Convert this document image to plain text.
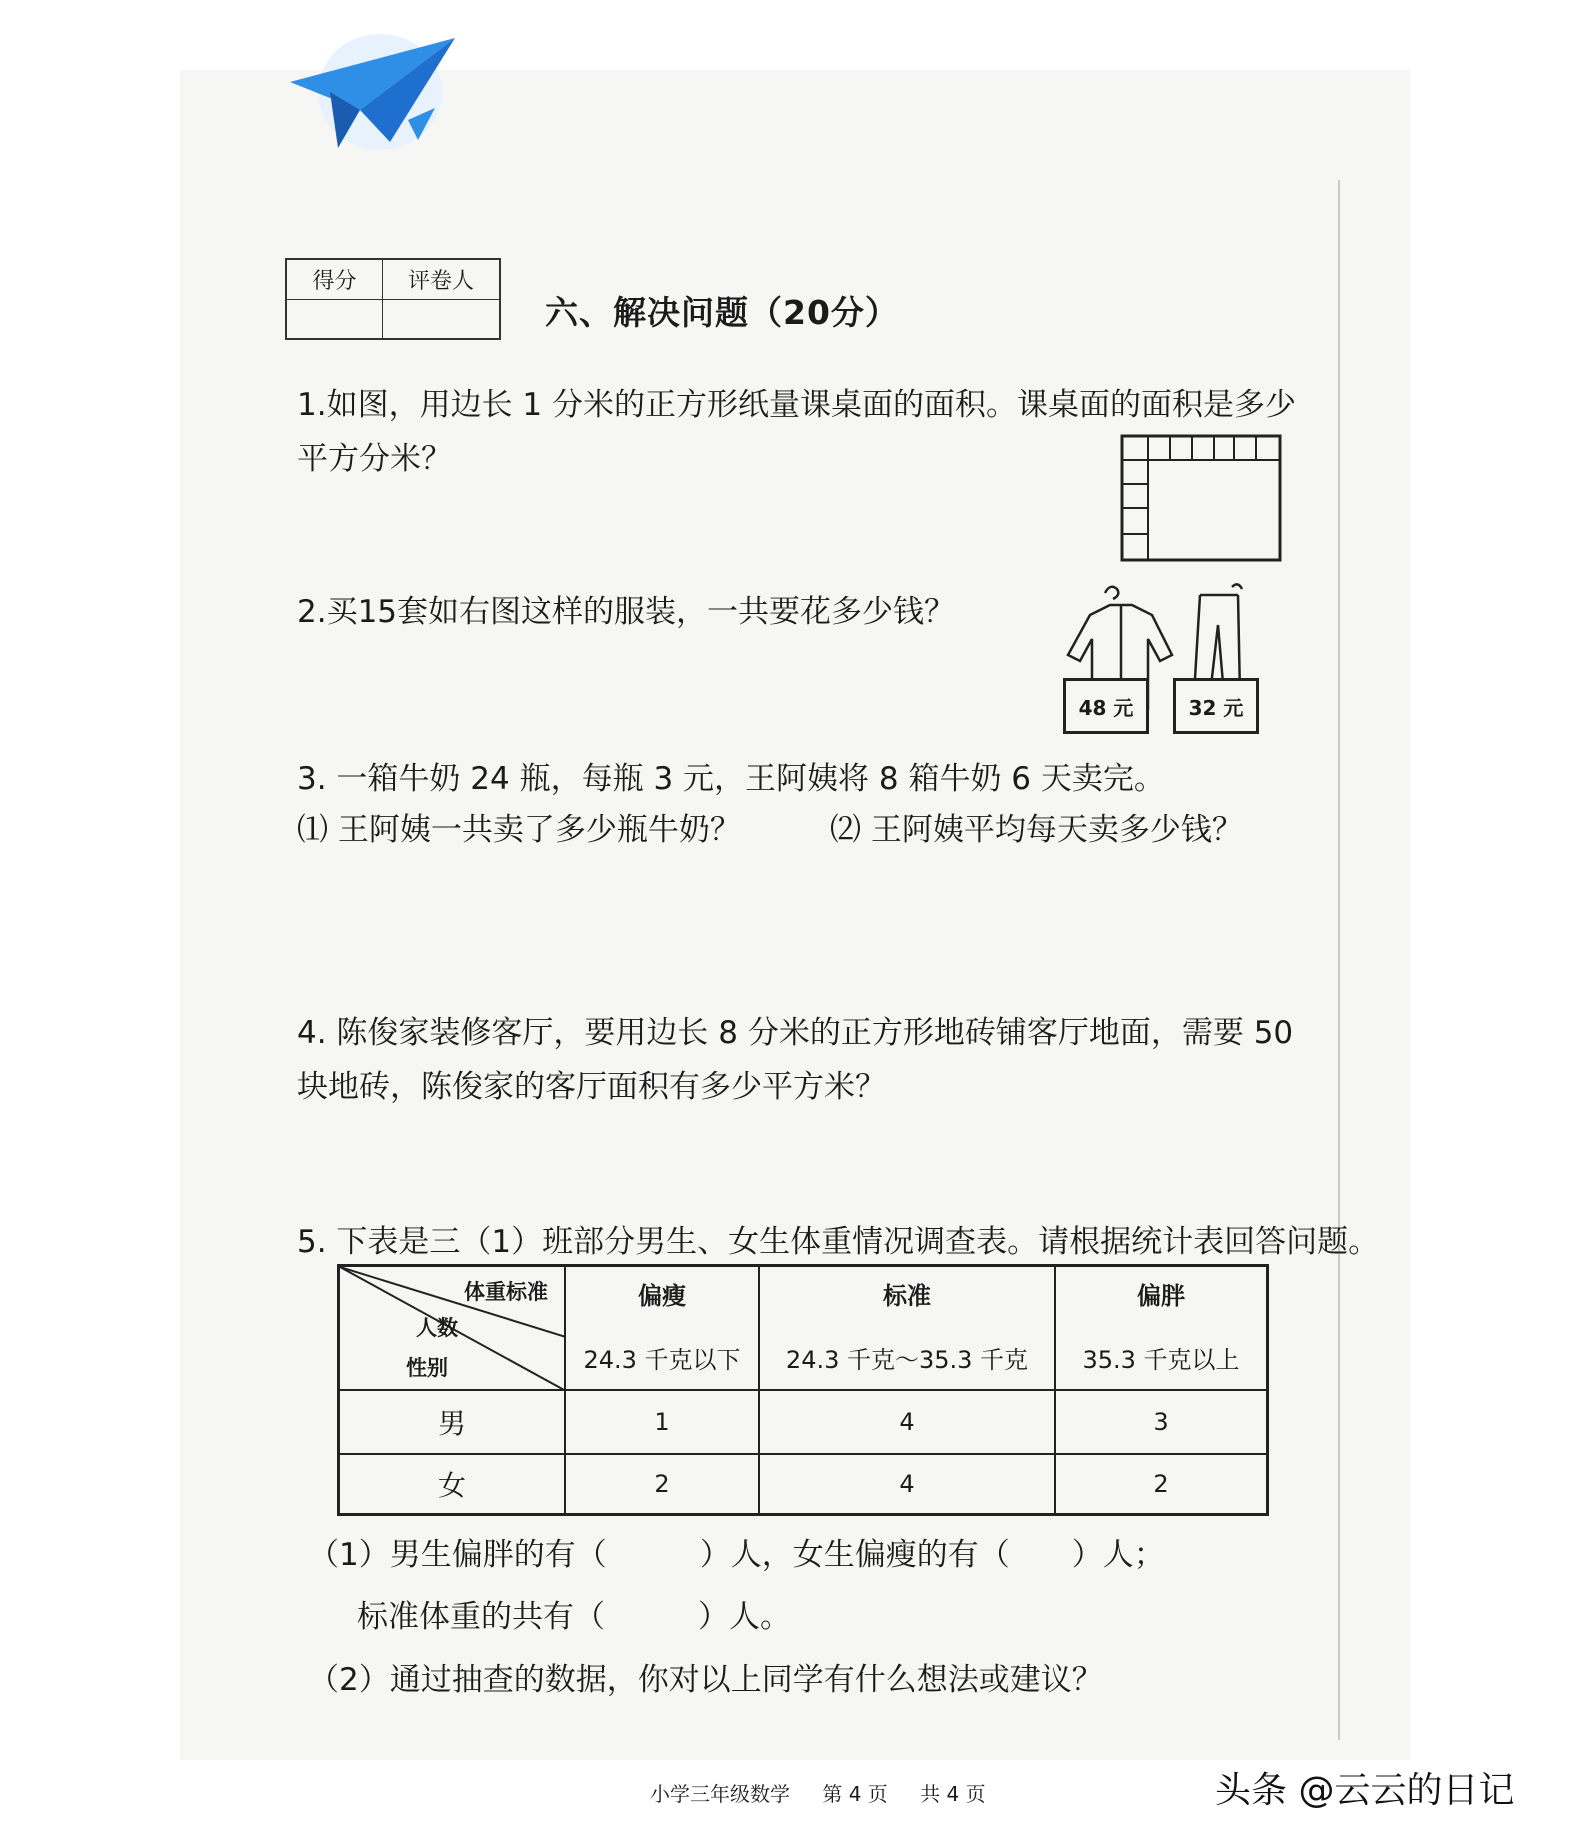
得分	评卷人
六、解决问题（20分）
1.如图，用边长 1 分米的正方形纸量课桌面的面积。课桌面的面积是多少平方分米？
2.买15套如右图这样的服装，一共要花多少钱？
48 元	32 元
3. 一箱牛奶 24 瓶，每瓶 3 元，王阿姨将 8 箱牛奶 6 天卖完。
⑴ 王阿姨一共卖了多少瓶牛奶？	⑵ 王阿姨平均每天卖多少钱？
4. 陈俊家装修客厅，要用边长 8 分米的正方形地砖铺客厅地面，需要 50 块地砖，陈俊家的客厅面积有多少平方米？
5. 下表是三（1）班部分男生、女生体重情况调查表。请根据统计表回答问题。
体重标准
人数
性别
偏瘦	标准	偏胖
24.3 千克以下	24.3 千克～35.3 千克	35.3 千克以上
男	1	4	3
女	2	4	2
（1）男生偏胖的有（　　　）人，女生偏瘦的有（　　）人；
标准体重的共有（　　　）人。
（2）通过抽查的数据，你对以上同学有什么想法或建议？
小学三年级数学 第 4 页 共 4 页	头条 @云云的日记
